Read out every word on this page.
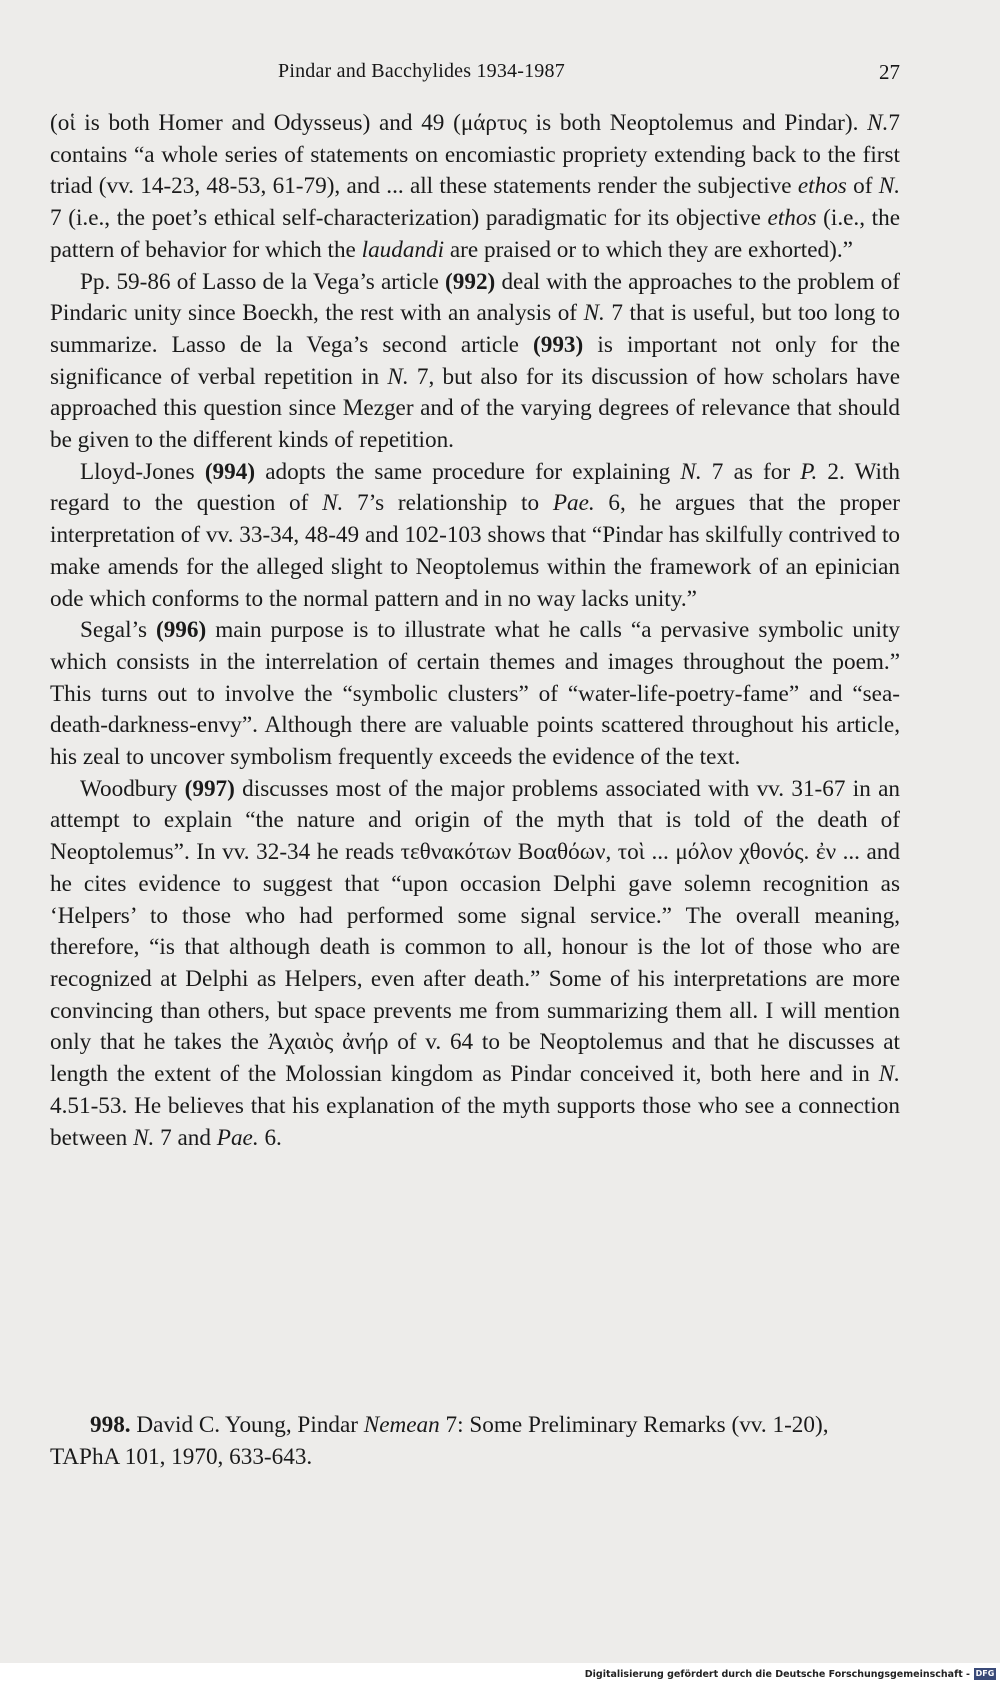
Pindar and Bacchylides 1934-1987	27

(οἱ is both Homer and Odysseus) and 49 (μάρτυς is both Neoptolemus and Pindar). N.7 contains “a whole series of statements on encomiastic propriety extending back to the first triad (vv. 14-23, 48-53, 61-79), and ... all these statements render the subjective ethos of N. 7 (i.e., the poet’s ethical self-characterization) paradigmatic for its objective ethos (i.e., the pattern of behavior for which the laudandi are praised or to which they are exhorted).”

Pp. 59-86 of Lasso de la Vega’s article (992) deal with the approaches to the problem of Pindaric unity since Boeckh, the rest with an analysis of N. 7 that is useful, but too long to summarize. Lasso de la Vega’s second article (993) is important not only for the significance of verbal repetition in N. 7, but also for its discussion of how scholars have approached this question since Mezger and of the varying degrees of relevance that should be given to the different kinds of repetition.

Lloyd-Jones (994) adopts the same procedure for explaining N. 7 as for P. 2. With regard to the question of N. 7’s relationship to Pae. 6, he argues that the proper interpretation of vv. 33-34, 48-49 and 102-103 shows that “Pindar has skilfully contrived to make amends for the alleged slight to Neoptolemus within the framework of an epinician ode which conforms to the normal pattern and in no way lacks unity.”

Segal’s (996) main purpose is to illustrate what he calls “a pervasive symbolic unity which consists in the interrelation of certain themes and images throughout the poem.” This turns out to involve the “symbolic clusters” of “water-life-poetry-fame” and “sea-death-darkness-envy”. Although there are valuable points scattered throughout his article, his zeal to uncover symbolism frequently exceeds the evidence of the text.

Woodbury (997) discusses most of the major problems associated with vv. 31-67 in an attempt to explain “the nature and origin of the myth that is told of the death of Neoptolemus”. In vv. 32-34 he reads τεθνακότων Βοαθόων, τοὶ ... μόλον χθονός. ἐν ... and he cites evidence to suggest that “upon occasion Delphi gave solemn recognition as ‘Helpers’ to those who had performed some signal service.” The overall meaning, therefore, “is that although death is common to all, honour is the lot of those who are recognized at Delphi as Helpers, even after death.” Some of his interpretations are more convincing than others, but space prevents me from summarizing them all. I will mention only that he takes the Ἀχαιὸς ἀνήρ of v. 64 to be Neoptolemus and that he discusses at length the extent of the Molossian kingdom as Pindar conceived it, both here and in N. 4.51-53. He believes that his explanation of the myth supports those who see a connection between N. 7 and Pae. 6.

998. David C. Young, Pindar Nemean 7: Some Preliminary Remarks (vv. 1-20), TAPhA 101, 1970, 633-643.
Digitalisierung gefördert durch die Deutsche Forschungsgemeinschaft - DFG
